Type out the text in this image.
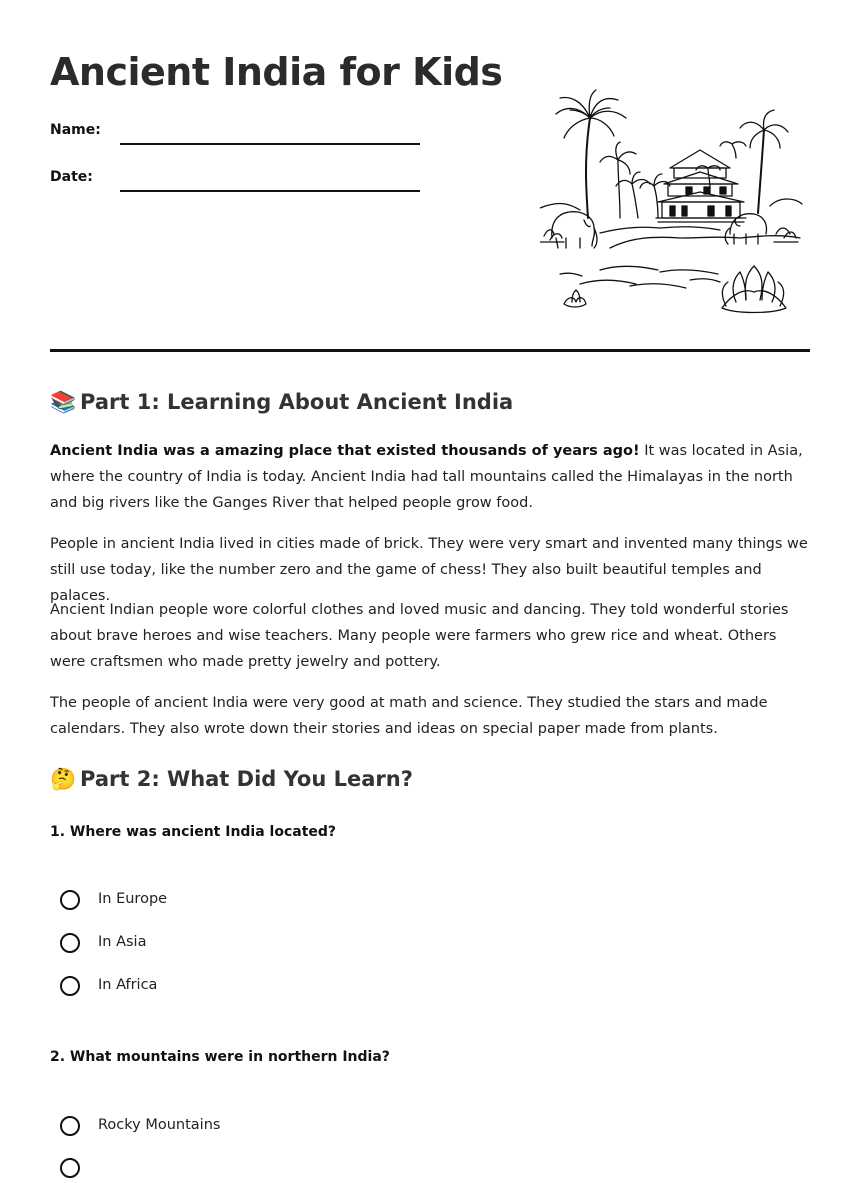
Ancient India for Kids
Name:
Date:
📚 Part 1: Learning About Ancient India

Ancient India was a amazing place that existed thousands of years ago! It was located in Asia, where the country of India is today. Ancient India had tall mountains called the Himalayas in the north and big rivers like the Ganges River that helped people grow food.

People in ancient India lived in cities made of brick. They were very smart and invented many things we still use today, like the number zero and the game of chess! They also built beautiful temples and palaces.

Ancient Indian people wore colorful clothes and loved music and dancing. They told wonderful stories about brave heroes and wise teachers. Many people were farmers who grew rice and wheat. Others were craftsmen who made pretty jewelry and pottery.

The people of ancient India were very good at math and science. They studied the stars and made calendars. They also wrote down their stories and ideas on special paper made from plants.

🤔 Part 2: What Did You Learn?

1. Where was ancient India located?

In Europe
In Asia
In Africa

2. What mountains were in northern India?

Rocky Mountains
